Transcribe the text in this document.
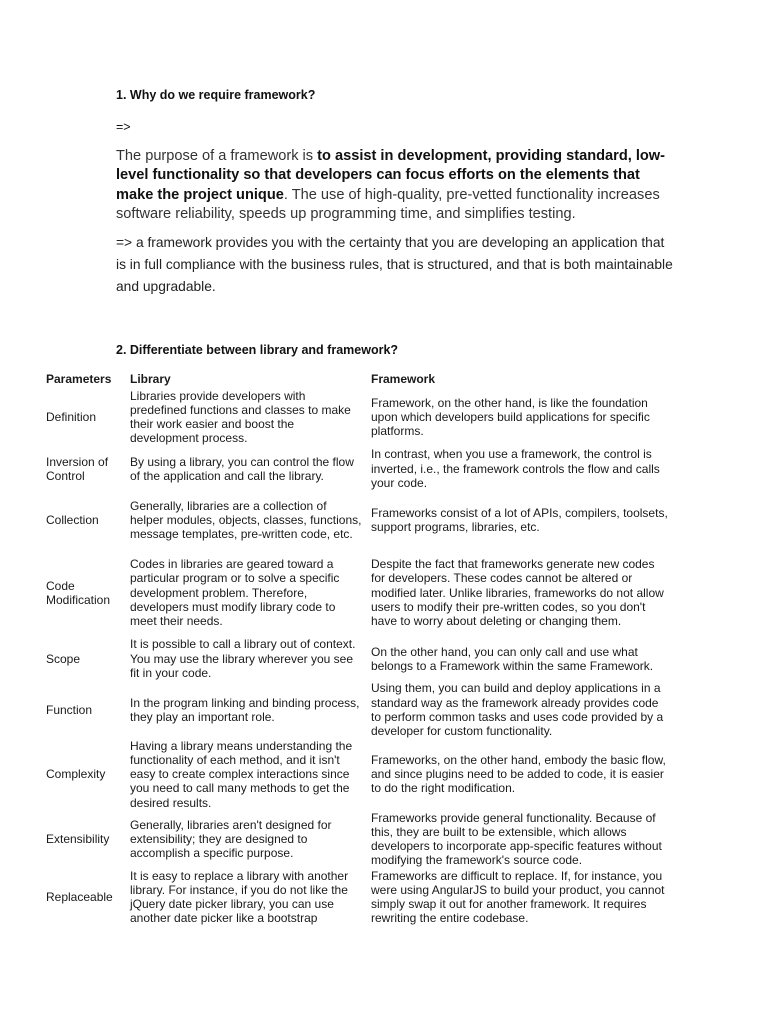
1. Why do we require framework?
=>
The purpose of a framework is to assist in development, providing standard, low-level functionality so that developers can focus efforts on the elements that make the project unique. The use of high-quality, pre-vetted functionality increases software reliability, speeds up programming time, and simplifies testing.
=> a framework provides you with the certainty that you are developing an application that is in full compliance with the business rules, that is structured, and that is both maintainable and upgradable.
2. Differentiate between library and framework?
Parameters	Library	Framework
Definition	Libraries provide developers with predefined functions and classes to make their work easier and boost the development process.	Framework, on the other hand, is like the foundation upon which developers build applications for specific platforms.
Inversion of Control	By using a library, you can control the flow of the application and call the library.	In contrast, when you use a framework, the control is inverted, i.e., the framework controls the flow and calls your code.
Collection	Generally, libraries are a collection of helper modules, objects, classes, functions, message templates, pre-written code, etc.	Frameworks consist of a lot of APIs, compilers, toolsets, support programs, libraries, etc.
Code Modification	Codes in libraries are geared toward a particular program or to solve a specific development problem. Therefore, developers must modify library code to meet their needs.	Despite the fact that frameworks generate new codes for developers. These codes cannot be altered or modified later. Unlike libraries, frameworks do not allow users to modify their pre-written codes, so you don't have to worry about deleting or changing them.
Scope	It is possible to call a library out of context. You may use the library wherever you see fit in your code.	On the other hand, you can only call and use what belongs to a Framework within the same Framework.
Function	In the program linking and binding process, they play an important role.	Using them, you can build and deploy applications in a standard way as the framework already provides code to perform common tasks and uses code provided by a developer for custom functionality.
Complexity	Having a library means understanding the functionality of each method, and it isn't easy to create complex interactions since you need to call many methods to get the desired results.	Frameworks, on the other hand, embody the basic flow, and since plugins need to be added to code, it is easier to do the right modification.
Extensibility	Generally, libraries aren't designed for extensibility; they are designed to accomplish a specific purpose.	Frameworks provide general functionality. Because of this, they are built to be extensible, which allows developers to incorporate app-specific features without modifying the framework's source code.
Replaceable	It is easy to replace a library with another library. For instance, if you do not like the jQuery date picker library, you can use another date picker like a bootstrap	Frameworks are difficult to replace. If, for instance, you were using AngularJS to build your product, you cannot simply swap it out for another framework. It requires rewriting the entire codebase.
